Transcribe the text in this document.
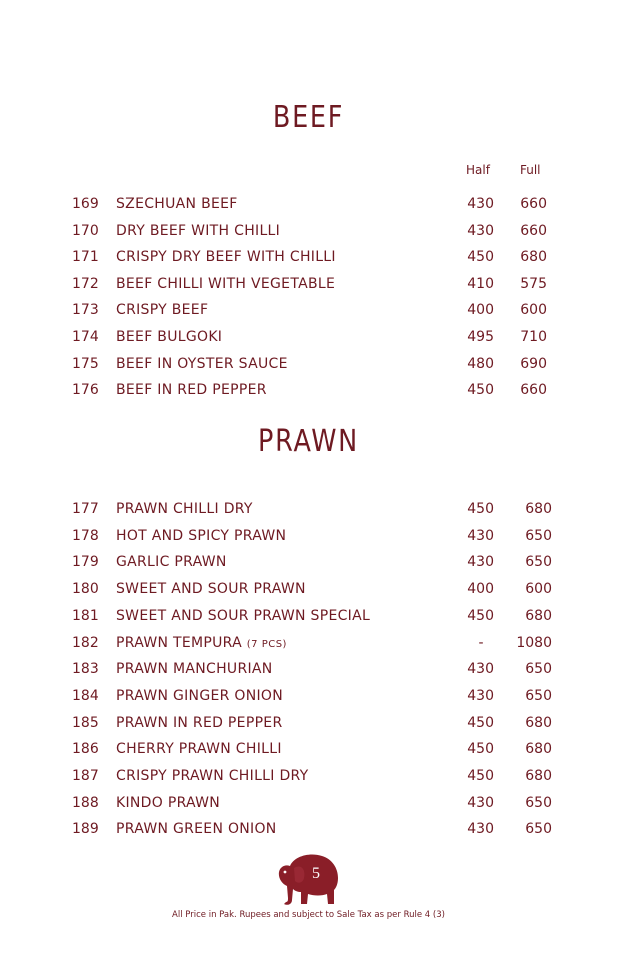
BEEF
Half	Full
169	SZECHUAN BEEF	430	660
170	DRY BEEF WITH CHILLI	430	660
171	CRISPY DRY BEEF WITH CHILLI	450	680
172	BEEF CHILLI WITH VEGETABLE	410	575
173	CRISPY BEEF	400	600
174	BEEF BULGOKI	495	710
175	BEEF IN OYSTER SAUCE	480	690
176	BEEF IN RED PEPPER	450	660
PRAWN
177	PRAWN CHILLI DRY	450	680
178	HOT AND SPICY PRAWN	430	650
179	GARLIC PRAWN	430	650
180	SWEET AND SOUR PRAWN	400	600
181	SWEET AND SOUR PRAWN SPECIAL	450	680
182	PRAWN TEMPURA (7 PCS)	-	1080
183	PRAWN MANCHURIAN	430	650
184	PRAWN GINGER ONION	430	650
185	PRAWN IN RED PEPPER	450	680
186	CHERRY PRAWN CHILLI	450	680
187	CRISPY PRAWN CHILLI DRY	450	680
188	KINDO PRAWN	430	650
189	PRAWN GREEN ONION	430	650
5
All Price in Pak. Rupees and subject to Sale Tax as per Rule 4 (3)
